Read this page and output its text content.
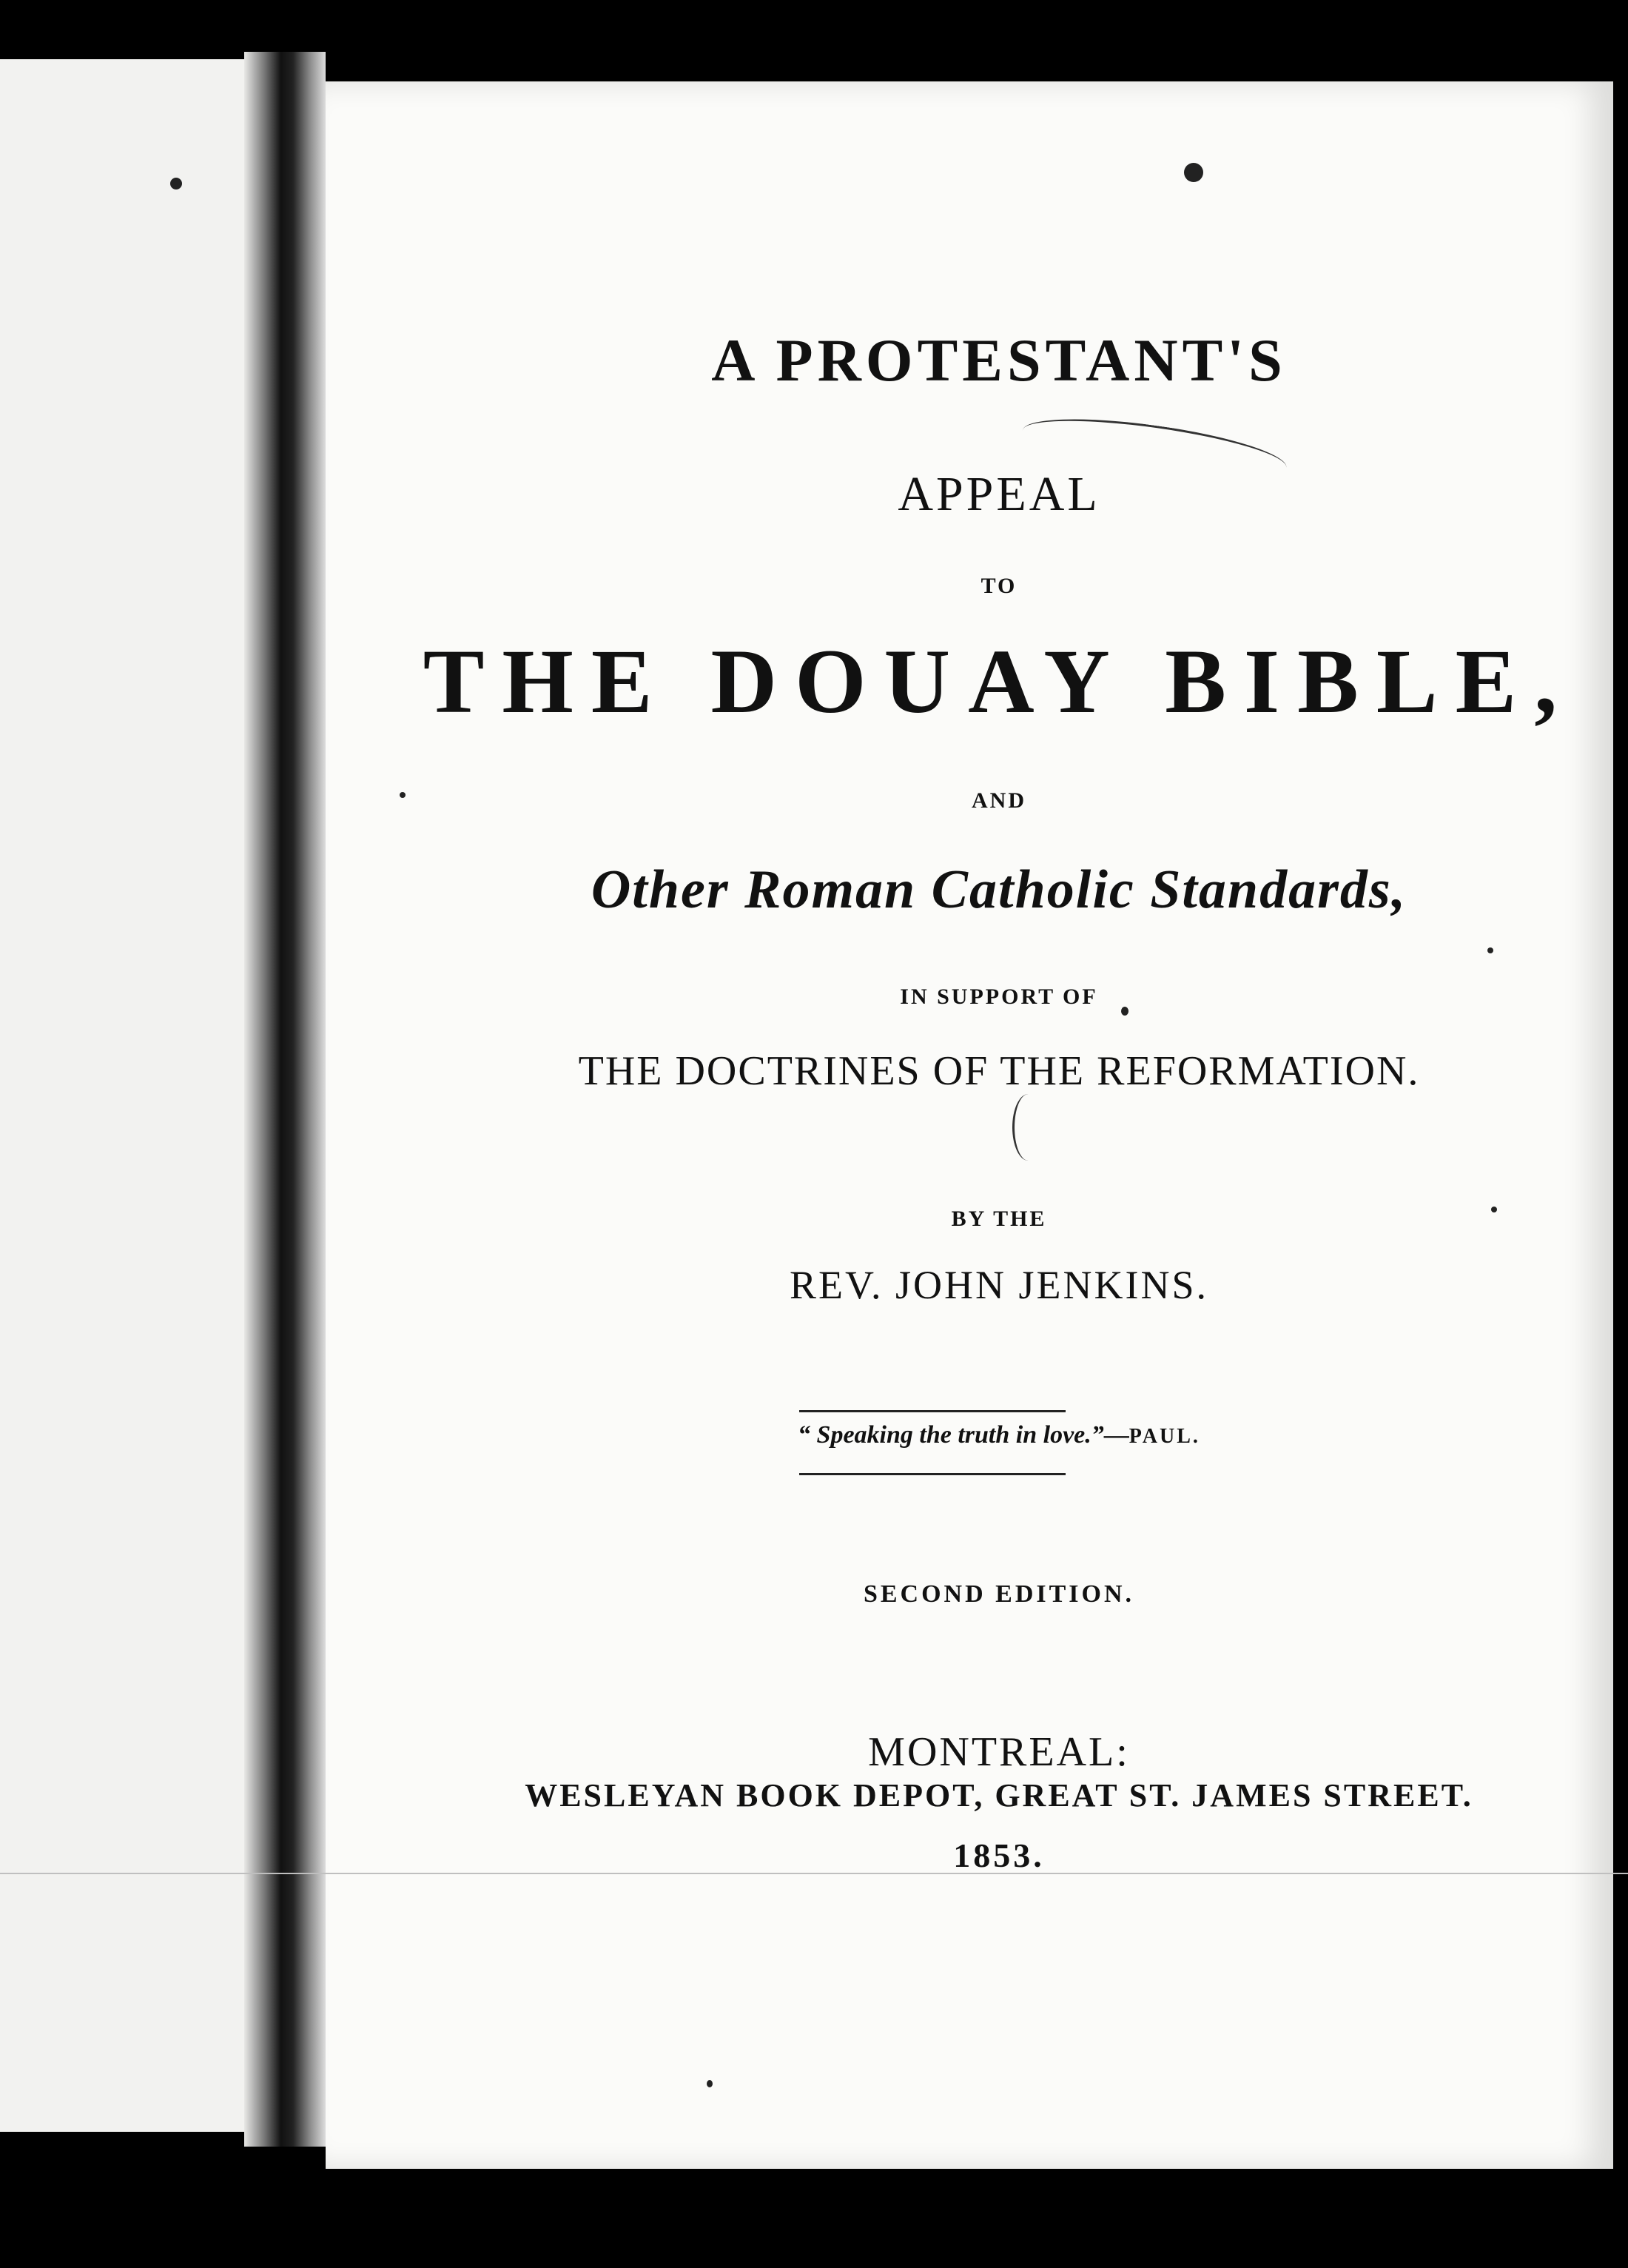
A PROTESTANT'S
APPEAL
TO
THE DOUAY BIBLE,
AND
Other Roman Catholic Standards,
IN SUPPORT OF
THE DOCTRINES OF THE REFORMATION.
BY THE
REV. JOHN JENKINS.
“ Speaking the truth in love.”—PAUL.
SECOND EDITION.
MONTREAL:
WESLEYAN BOOK DEPOT, GREAT ST. JAMES STREET.
1853.
